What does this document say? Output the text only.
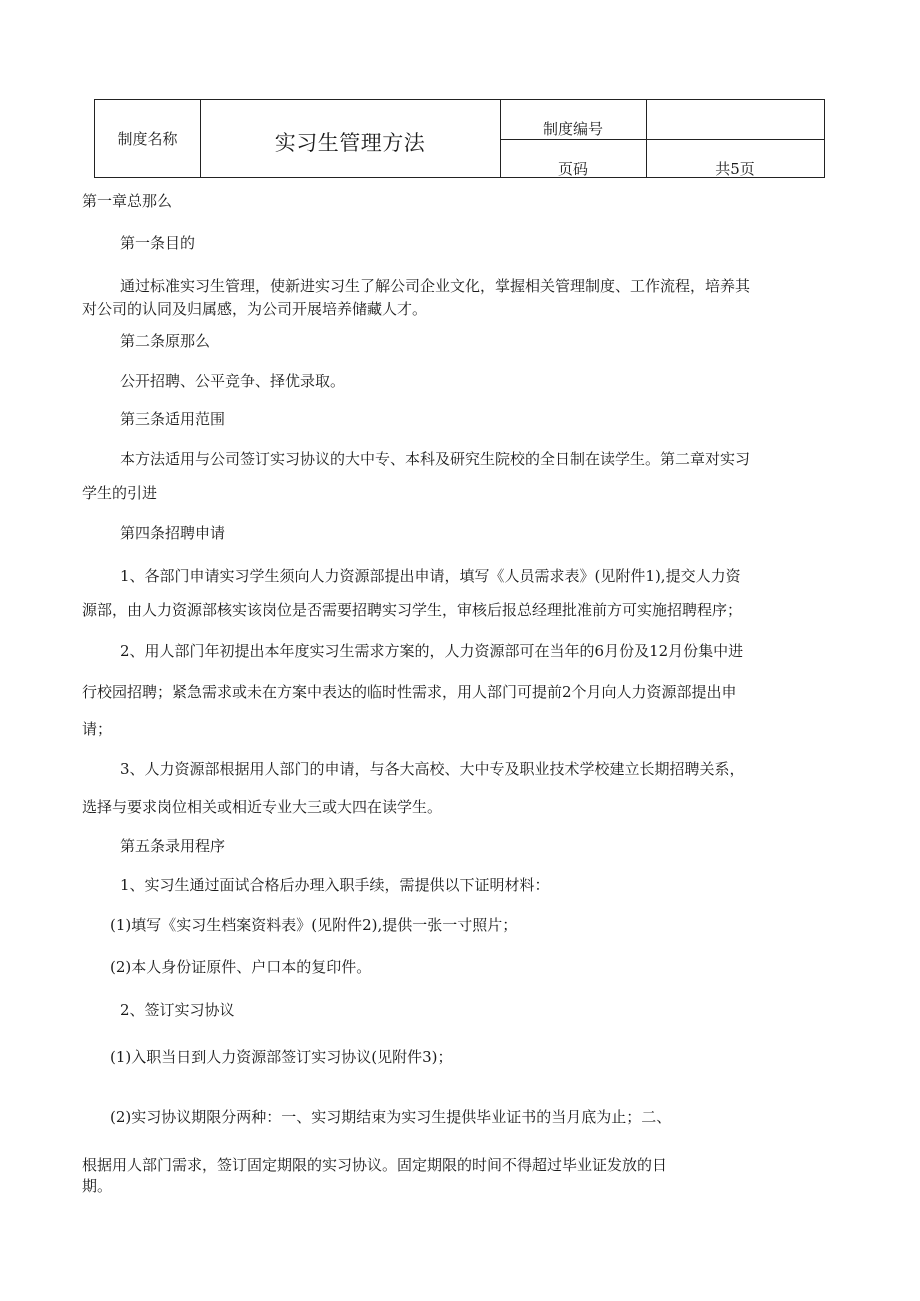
制度名称	实习生管理方法
制度编号
页码	共5页
第一章总那么
第一条目的
通过标准实习生管理，使新进实习生了解公司企业文化，掌握相关管理制度、工作流程，培养其
对公司的认同及归属感，为公司开展培养储藏人才。
第二条原那么
公开招聘、公平竞争、择优录取。
第三条适用范围
本方法适用与公司签订实习协议的大中专、本科及研究生院校的全日制在读学生。第二章对实习
学生的引进
第四条招聘申请
1、各部门申请实习学生须向人力资源部提出申请，填写《人员需求表》(见附件1),提交人力资
源部，由人力资源部核实该岗位是否需要招聘实习学生，审核后报总经理批准前方可实施招聘程序；
2、用人部门年初提出本年度实习生需求方案的，人力资源部可在当年的6月份及12月份集中进
行校园招聘；紧急需求或未在方案中表达的临时性需求，用人部门可提前2个月向人力资源部提出申
请；
3、人力资源部根据用人部门的申请，与各大高校、大中专及职业技术学校建立长期招聘关系，
选择与要求岗位相关或相近专业大三或大四在读学生。
第五条录用程序
1、实习生通过面试合格后办理入职手续，需提供以下证明材料：
(1)填写《实习生档案资料表》(见附件2),提供一张一寸照片；
(2)本人身份证原件、户口本的复印件。
2、签订实习协议
(1)入职当日到人力资源部签订实习协议(见附件3)；
(2)实习协议期限分两种：一、实习期结束为实习生提供毕业证书的当月底为止；二、
根据用人部门需求，签订固定期限的实习协议。固定期限的时间不得超过毕业证发放的日
期。
